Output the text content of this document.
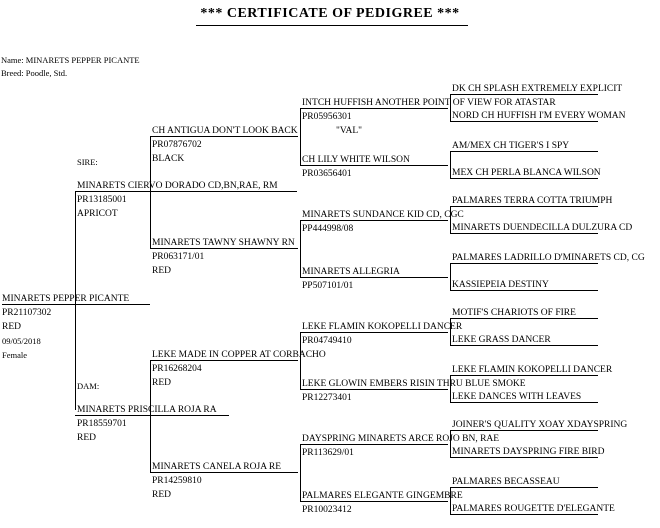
*** CERTIFICATE OF PEDIGREE ***
Name: MINARETS PEPPER PICANTE
Breed: Poodle, Std.
MINARETS PEPPER PICANTE
PR21107302
RED
09/05/2018
Female
SIRE:
MINARETS CIERVO DORADO CD,BN,RAE, RM
PR13185001
APRICOT
DAM:
MINARETS PRISCILLA ROJA RA
PR18559701
RED
CH ANTIGUA DON'T LOOK BACK	"VAL"
PR07876702
BLACK
MINARETS TAWNY SHAWNY RN
PR063171/01
RED
LEKE MADE IN COPPER AT CORBACHO
PR16268204
RED
MINARETS CANELA ROJA RE
PR14259810
RED
INTCH HUFFISH ANOTHER POINT OF VIEW FOR ATASTAR
PR05956301
CH LILY WHITE WILSON
PR03656401
MINARETS SUNDANCE KID CD, CGC
PP444998/08
MINARETS ALLEGRIA
PP507101/01
LEKE FLAMIN KOKOPELLI DANCER
PR04749410
LEKE GLOWIN EMBERS RISIN THRU BLUE SMOKE
PR12273401
DAYSPRING MINARETS ARCE ROJO BN, RAE
PR113629/01
PALMARES ELEGANTE GINGEMBRE
PR10023412
DK CH SPLASH EXTREMELY EXPLICIT
NORD CH HUFFISH I'M EVERY WOMAN
AM/MEX CH TIGER'S I SPY
MEX CH PERLA BLANCA WILSON
PALMARES TERRA COTTA TRIUMPH
MINARETS DUENDECILLA DULZURA CD
PALMARES LADRILLO D'MINARETS CD, CG
KASSIEPEIA DESTINY
MOTIF'S CHARIOTS OF FIRE
LEKE GRASS DANCER
LEKE FLAMIN KOKOPELLI DANCER
LEKE DANCES WITH LEAVES
JOINER'S QUALITY XOAY XDAYSPRING
MINARETS DAYSPRING FIRE BIRD
PALMARES BECASSEAU
PALMARES ROUGETTE D'ELEGANTE
